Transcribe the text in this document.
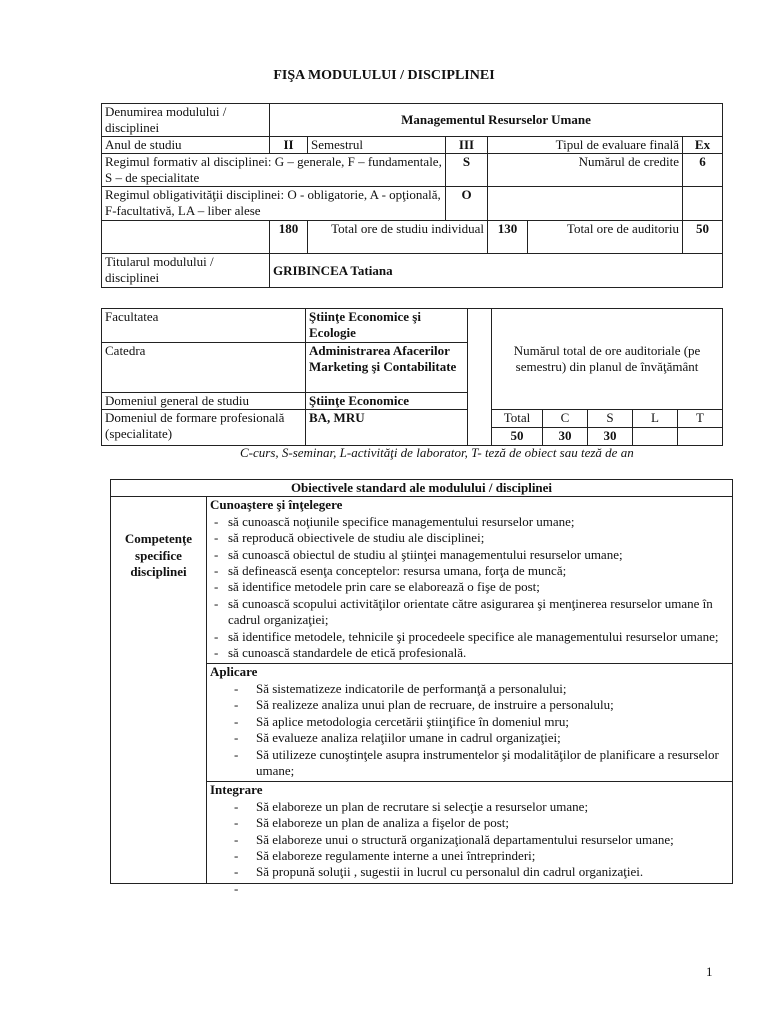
FIŞA MODULULUI / DISCIPLINEI
Denumirea modulului / disciplinei	Managementul Resurselor Umane					
Anul de studiu	II	Semestrul	III	Tipul de evaluare finală		Ex
Regimul formativ al disciplinei: G – generale, F – fundamentale, S – de specialitate			S	Numărul de credite		6
Regimul obligativităţii disciplinei: O - obligatorie, A - opţională, F-facultativă, LA – liber alese			O			
	180	Total ore de studiu individual		130	Total ore de auditoriu	50
Titularul modulului / disciplinei	GRIBINCEA Tatiana					
Facultatea	Ştiinţe Economice şi Ecologie		Numărul total de ore auditoriale (pe semestru) din planul de învăţământ				
Catedra	Administrarea Afacerilor Marketing şi Contabilitate						
Domeniul general de studiu	Ştiinţe Economice						
Domeniul de formare profesională (specialitate)	BA, MRU		Total	C	S	L	T
			50	30	30		
C-curs, S-seminar, L-activităţi de laborator, T- teză de obiect sau teză de an
Obiectivele standard ale modulului / disciplinei
Competenţe specifice disciplinei	
Cunoaştere şi înţelegere
- să cunoască noţiunile specifice managementului resurselor umane;
- să reproducă obiectivele de studiu ale disciplinei;
- să cunoască obiectul de studiu al ştiinţei managementului resurselor umane;
- să definească esenţa conceptelor: resursa umana, forţa de muncă;
- să identifice metodele prin care se elaborează o fişe de post;
- să cunoască scopului activităţilor orientate către asigurarea şi menţinerea resurselor umane în cadrul organizaţiei;
- să identifice metodele, tehnicile şi procedeele specifice ale managementului resurselor umane;
- să cunoască standardele de etică profesională.

Aplicare
- Să sistematizeze indicatorile de performanţă a personalului;
- Să realizeze analiza unui plan de recruare, de instruire a personalulu;
- Să aplice metodologia cercetării ştiinţifice în domeniul mru;
- Să evalueze analiza relaţiilor umane in cadrul organizaţiei;
- Să utilizeze cunoştinţele asupra instrumentelor şi modalităţilor de planificare a resurselor umane;

Integrare
- Să elaboreze un plan de recrutare si selecţie a resurselor umane;
- Să elaboreze un plan de analiza a fişelor de post;
- Să elaboreze unui o structură organizaţională departamentului resurselor umane;
- Să elaboreze regulamente interne a unei întreprinderi;
- Să propună soluţii , sugestii in lucrul cu personalul din cadrul organizaţiei.
-
1
